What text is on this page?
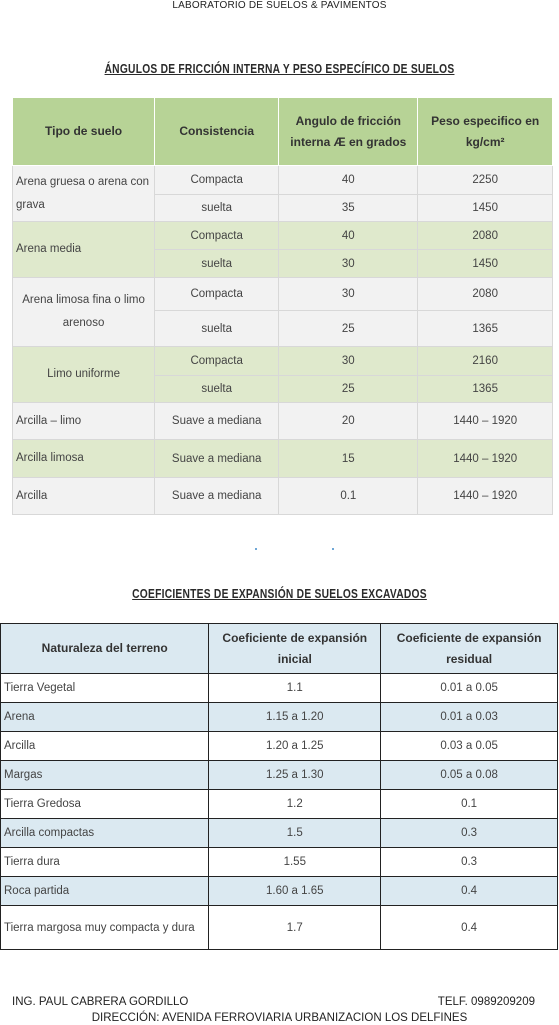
LABORATORIO DE SUELOS & PAVIMENTOS
ÁNGULOS DE FRICCIÓN INTERNA Y PESO ESPECÍFICO DE SUELOS
Tipo de suelo	Consistencia	Angulo de fricción interna Æ en grados	Peso especifico en kg/cm²
Arena gruesa o arena con grava	Compacta	40	2250
	suelta	35	1450
Arena media	Compacta	40	2080
	suelta	30	1450
Arena limosa fina o limo arenoso	Compacta	30	2080
	suelta	25	1365
Limo uniforme	Compacta	30	2160
	suelta	25	1365
Arcilla – limo	Suave a mediana	20	1440 – 1920
Arcilla limosa	Suave a mediana	15	1440 – 1920
Arcilla	Suave a mediana	0.1	1440 – 1920
COEFICIENTES DE EXPANSIÓN DE SUELOS EXCAVADOS
Naturaleza del terreno	Coeficiente de expansión inicial	Coeficiente de expansión residual
Tierra Vegetal	1.1	0.01 a 0.05
Arena	1.15 a 1.20	0.01 a 0.03
Arcilla	1.20 a 1.25	0.03 a 0.05
Margas	1.25 a 1.30	0.05 a 0.08
Tierra Gredosa	1.2	0.1
Arcilla compactas	1.5	0.3
Tierra dura	1.55	0.3
Roca partida	1.60 a 1.65	0.4
Tierra margosa muy compacta y dura	1.7	0.4
ING. PAUL CABRERA GORDILLO	TELF. 0989209209
DIRECCIÓN: AVENIDA FERROVIARIA URBANIZACION LOS DELFINES
